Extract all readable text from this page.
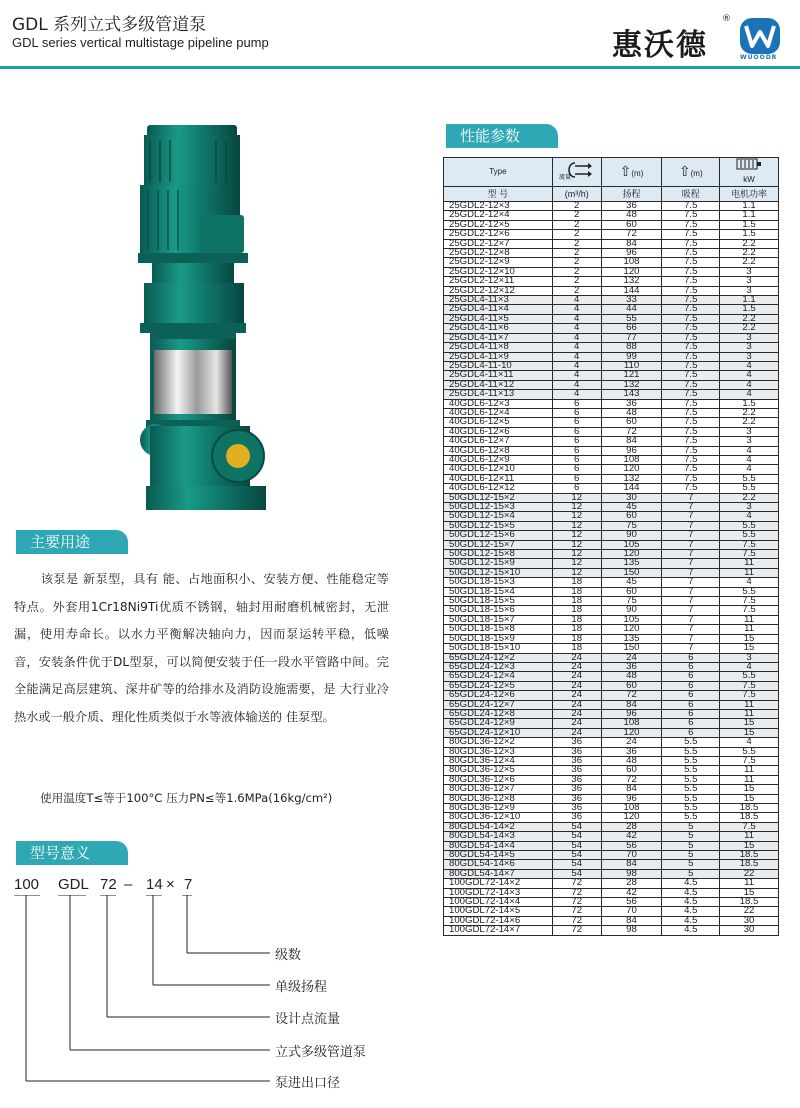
GDL 系列立式多级管道泵
GDL series vertical multistage pipeline pump	惠沃德
®
WUOODR
主要用途

该泵是 新泵型，具有 能、占地面积小、安装方便、性能稳定等特点。外套用1Cr18Ni9Ti优质不锈钢，轴封用耐磨机械密封，无泄漏，使用寿命长。以水力平衡解决轴向力，因而泵运转平稳，低噪音，安装条件优于DL型泵，可以简便安装于任一段水平管路中间。完全能满足高层建筑、深井矿等的给排水及消防设施需要，是 大行业冷热水或一般介质、理化性质类似于水等液体输送的 佳泵型。

使用温度T≤等于100°C 压力PN≤等1.6MPa(16kg/cm²)
型号意义
100 GDL 72 – 14 × 7
级数
单级扬程
设计点流量
立式多级管道泵
泵进出口径
性能参数
Type	流量	⇧(m)	⇧(m)	kW
型 号	(m³/h)	扬程	吸程	电机功率
25GDL2-12×3	2	36	7.5	1.1
25GDL2-12×4	2	48	7.5	1.1
25GDL2-12×5	2	60	7.5	1.5
25GDL2-12×6	2	72	7.5	1.5
25GDL2-12×7	2	84	7.5	2.2
25GDL2-12×8	2	96	7.5	2.2
25GDL2-12×9	2	108	7.5	2.2
25GDL2-12×10	2	120	7.5	3
25GDL2-12×11	2	132	7.5	3
25GDL2-12×12	2	144	7.5	3
25GDL4-11×3	4	33	7.5	1.1
25GDL4-11×4	4	44	7.5	1.5
25GDL4-11×5	4	55	7.5	2.2
25GDL4-11×6	4	66	7.5	2.2
25GDL4-11×7	4	77	7.5	3
25GDL4-11×8	4	88	7.5	3
25GDL4-11×9	4	99	7.5	3
25GDL4-11-10	4	110	7.5	4
25GDL4-11×11	4	121	7.5	4
25GDL4-11×12	4	132	7.5	4
25GDL4-11×13	4	143	7.5	4
40GDL6-12×3	6	36	7.5	1.5
40GDL6-12×4	6	48	7.5	2.2
40GDL6-12×5	6	60	7.5	2.2
40GDL6-12×6	6	72	7.5	3
40GDL6-12×7	6	84	7.5	3
40GDL6-12×8	6	96	7.5	4
40GDL6-12×9	6	108	7.5	4
40GDL6-12×10	6	120	7.5	4
40GDL6-12×11	6	132	7.5	5.5
40GDL6-12×12	6	144	7.5	5.5
50GDL12-15×2	12	30	7	2.2
50GDL12-15×3	12	45	7	3
50GDL12-15×4	12	60	7	4
50GDL12-15×5	12	75	7	5.5
50GDL12-15×6	12	90	7	5.5
50GDL12-15×7	12	105	7	7.5
50GDL12-15×8	12	120	7	7.5
50GDL12-15×9	12	135	7	11
50GDL12-15×10	12	150	7	11
50GDL18-15×3	18	45	7	4
50GDL18-15×4	18	60	7	5.5
50GDL18-15×5	18	75	7	7.5
50GDL18-15×6	18	90	7	7.5
50GDL18-15×7	18	105	7	11
50GDL18-15×8	18	120	7	11
50GDL18-15×9	18	135	7	15
50GDL18-15×10	18	150	7	15
65GDL24-12×2	24	24	6	3
65GDL24-12×3	24	36	6	4
65GDL24-12×4	24	48	6	5.5
65GDL24-12×5	24	60	6	7.5
65GDL24-12×6	24	72	6	7.5
65GDL24-12×7	24	84	6	11
65GDL24-12×8	24	96	6	11
65GDL24-12×9	24	108	6	15
65GDL24-12×10	24	120	6	15
80GDL36-12×2	36	24	5.5	4
80GDL36-12×3	36	36	5.5	5.5
80GDL36-12×4	36	48	5.5	7.5
80GDL36-12×5	36	60	5.5	11
80GDL36-12×6	36	72	5.5	11
80GDL36-12×7	36	84	5.5	15
80GDL36-12×8	36	96	5.5	15
80GDL36-12×9	36	108	5.5	18.5
80GDL36-12×10	36	120	5.5	18.5
80GDL54-14×2	54	28	5	7.5
80GDL54-14×3	54	42	5	11
80GDL54-14×4	54	56	5	15
80GDL54-14×5	54	70	5	18.5
80GDL54-14×6	54	84	5	18.5
80GDL54-14×7	54	98	5	22
100GDL72-14×2	72	28	4.5	11
100GDL72-14×3	72	42	4.5	15
100GDL72-14×4	72	56	4.5	18.5
100GDL72-14×5	72	70	4.5	22
100GDL72-14×6	72	84	4.5	30
100GDL72-14×7	72	98	4.5	30
